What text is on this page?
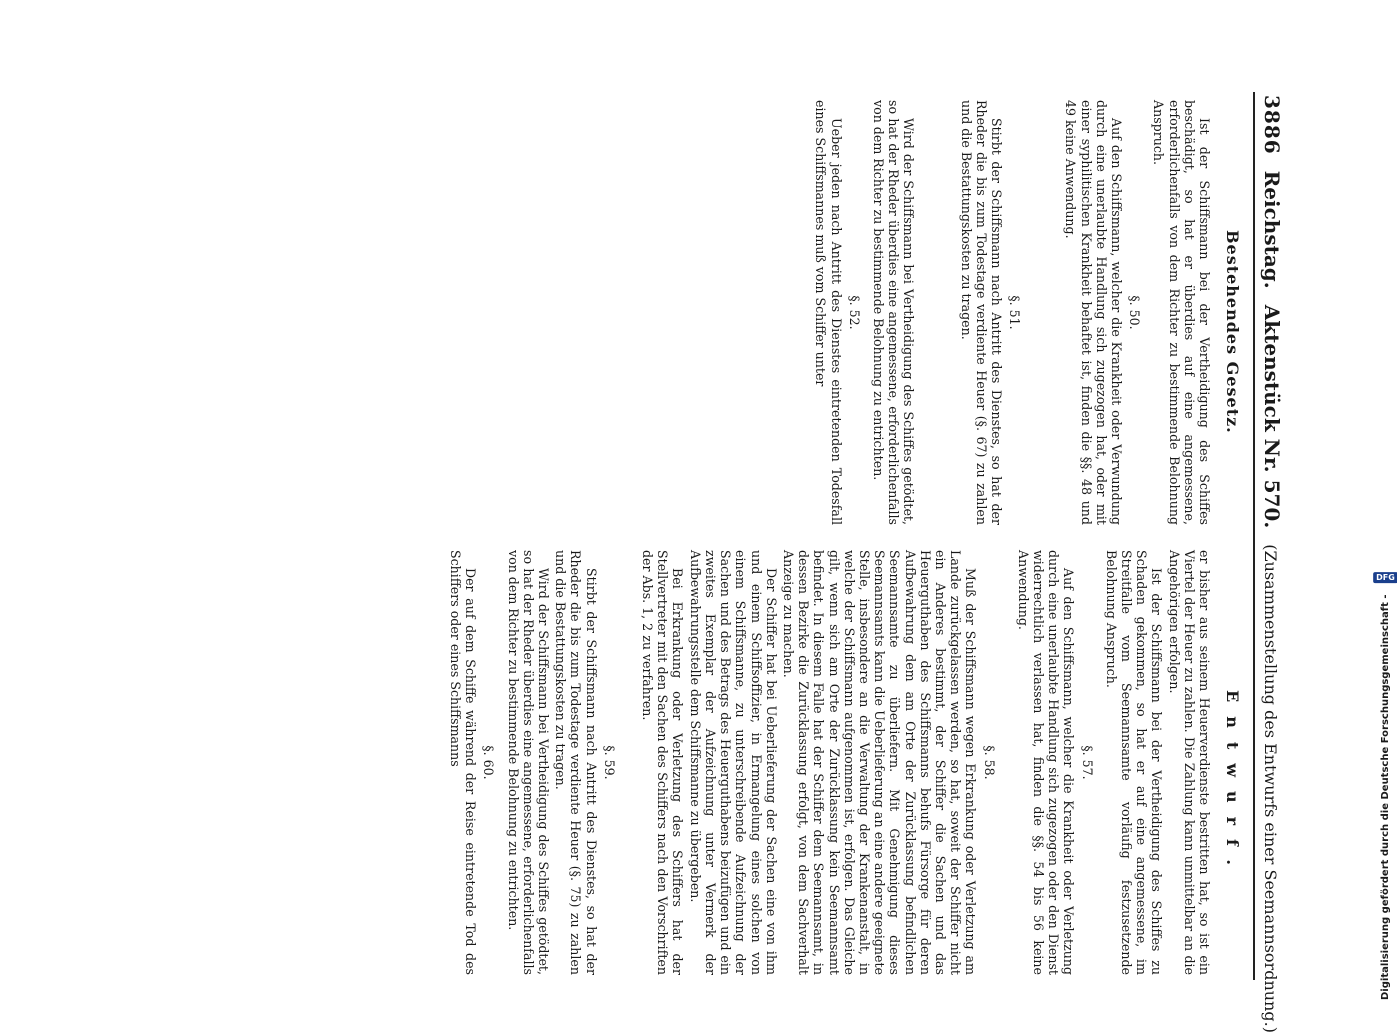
3886
Reichstag.
Aktenstück Nr. 570.
(Zusammenstellung des Entwurfs einer Seemannsordnung.)
Bestehendes Gesetz.
Entwurf.

Ist der Schiffsmann bei der Vertheidigung des Schiffes beschädigt, so hat er überdies auf eine angemessene, erforderlichenfalls von dem Richter zu bestimmende Belohnung Anspruch.

§. 50.

Auf den Schiffsmann, welcher die Krankheit oder Verwundung durch eine unerlaubte Handlung sich zugezogen hat, oder mit einer syphilitischen Krankheit behaftet ist, finden die §§. 48 und 49 keine Anwendung.

§. 51.

Stirbt der Schiffsmann nach Antritt des Dienstes, so hat der Rheder die bis zum Todestage verdiente Heuer (§. 67) zu zahlen und die Bestattungskosten zu tragen.

Wird der Schiffsmann bei Vertheidigung des Schiffes getödtet, so hat der Rheder überdies eine angemessene, erforderlichenfalls von dem Richter zu bestimmende Belohnung zu entrichten.

§. 52.

Ueber jeden nach Antritt des Dienstes eintretenden Todesfall eines Schiffsmannes muß vom Schiffer unter

er bisher aus seinem Heuerverdienste bestritten hat, so ist ein Viertel der Heuer zu zahlen. Die Zahlung kann unmittelbar an die Angehörigen erfolgen.

Ist der Schiffsmann bei der Vertheidigung des Schiffes zu Schaden gekommen, so hat er auf eine angemessene, im Streitfalle vom Seemannsamte vorläufig festzusetzende Belohnung Anspruch.

§. 57.

Auf den Schiffsmann, welcher die Krankheit oder Verletzung durch eine unerlaubte Handlung sich zugezogen oder den Dienst widerrechtlich verlassen hat, finden die §§. 54 bis 56 keine Anwendung.

§. 58.

Muß der Schiffsmann wegen Erkrankung oder Verletzung am Lande zurückgelassen werden, so hat, soweit der Schiffer nicht ein Anderes bestimmt, der Schiffer die Sachen und das Heuerguthaben des Schiffsmanns behufs Fürsorge für deren Aufbewahrung dem am Orte der Zurücklassung befindlichen Seemannsamte zu überliefern. Mit Genehmigung dieses Seemannsamts kann die Ueberlieferung an eine andere geeignete Stelle, insbesondere an die Verwaltung der Krankenanstalt, in welche der Schiffsmann aufgenommen ist, erfolgen. Das Gleiche gilt, wenn sich am Orte der Zurücklassung kein Seemannsamt befindet. In diesem Falle hat der Schiffer dem Seemannsamt, in dessen Bezirke die Zurücklassung erfolgt, von dem Sachverhalt Anzeige zu machen.

Der Schiffer hat bei Ueberlieferung der Sachen eine von ihm und einem Schiffsoffizier, in Ermangelung eines solchen von einem Schiffsmanne, zu unterschreibende Aufzeichnung der Sachen und des Betrags des Heuerguthabens beizufügen und ein zweites Exemplar der Aufzeichnung unter Vermerk der Aufbewahrungsstelle dem Schiffsmanne zu übergeben.

Bei Erkrankung oder Verletzung des Schiffers hat der Stellvertreter mit den Sachen des Schiffers nach den Vorschriften der Abs. 1, 2 zu verfahren.

§. 59.

Stirbt der Schiffsmann nach Antritt des Dienstes, so hat der Rheder die bis zum Todestage verdiente Heuer (§. 75) zu zahlen und die Bestattungskosten zu tragen.

Wird der Schiffsmann bei Vertheidigung des Schiffes getödtet, so hat der Rheder überdies eine angemessene, erforderlichenfalls von dem Richter zu bestimmende Belohnung zu entrichten.

§. 60.

Der auf dem Schiffe während der Reise eintretende Tod des Schiffers oder eines Schiffsmanns	Digitalisierung gefördert durch die Deutsche Forschungsgemeinschaft -
DFG
